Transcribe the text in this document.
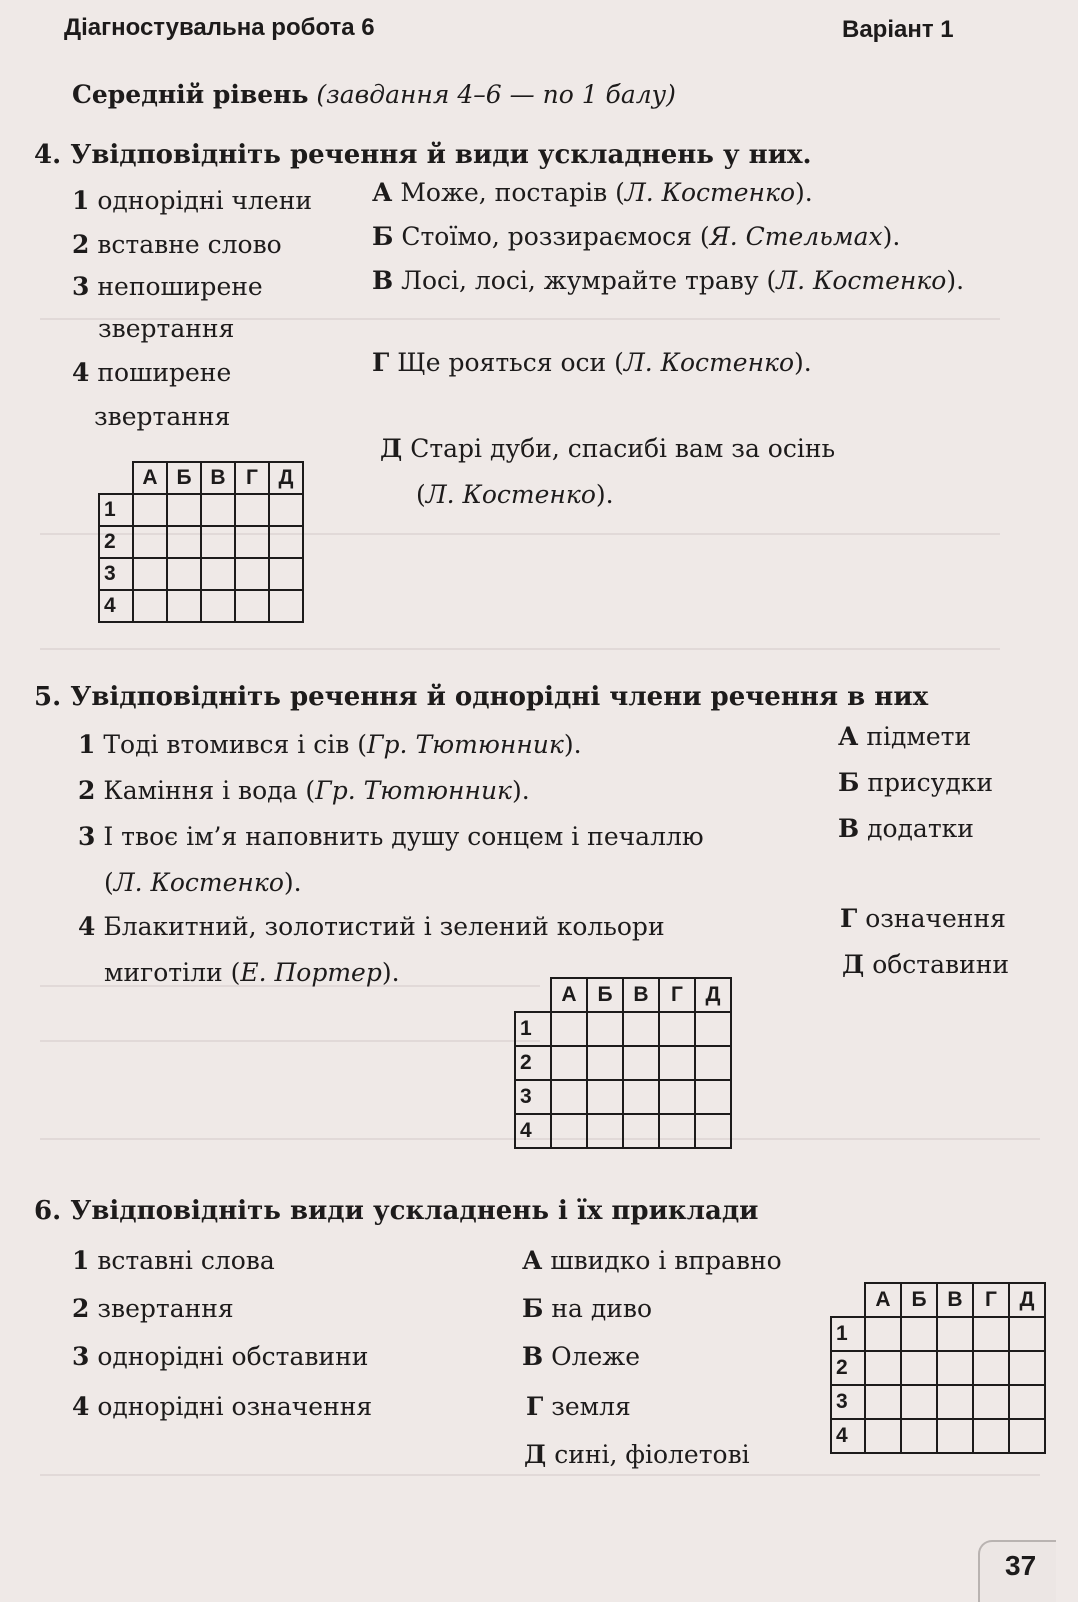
Діагностувальна робота 6	Варіант 1
Середній рівень (завдання 4–6 — по 1 балу)
4. Увідповідніть речення й види ускладнень у них.
1 однорідні члени
2 вставне слово
3 непоширене
звертання
4 поширене
звертання
А Може, постарів (Л. Костенко).
Б Стоїмо, роззираємося (Я. Стельмах).
В Лосі, лосі, жумрайте траву (Л. Костенко).
Г Ще рояться оси (Л. Костенко).
Д Старі дуби, спасибі вам за осінь
(Л. Костенко).
	А	Б	В	Г	Д
1					
2					
3					
4					
5. Увідповідніть речення й однорідні члени речення в них
1 Тоді втомився і сів (Гр. Тютюнник).
2 Каміння і вода (Гр. Тютюнник).
3 І твоє ім’я наповнить душу сонцем і печаллю
(Л. Костенко).
4 Блакитний, золотистий і зелений кольори
миготіли (Е. Портер).
А підмети
Б присудки
В додатки
Г означення
Д обставини
	А	Б	В	Г	Д
1					
2					
3					
4					
6. Увідповідніть види ускладнень і їх приклади
1 вставні слова
2 звертання
3 однорідні обставини
4 однорідні означення
А швидко і вправно
Б на диво
В Олеже
Г земля
Д сині, фіолетові
	А	Б	В	Г	Д
1					
2					
3					
4					
37
